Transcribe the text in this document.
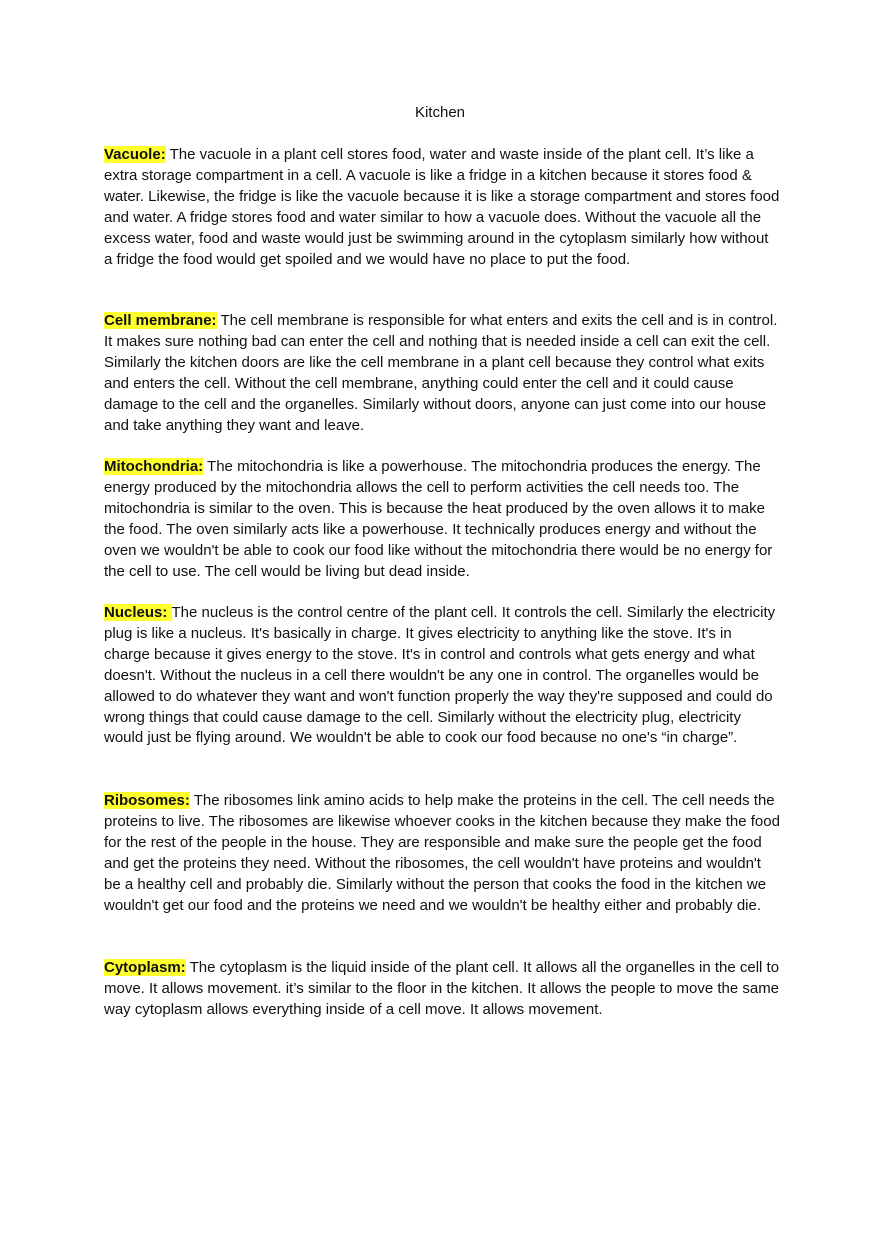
Kitchen

Vacuole: The vacuole in a plant cell stores food, water and waste inside of the plant cell. It’s like a extra storage compartment in a cell. A vacuole is like a fridge in a kitchen because it stores food & water. Likewise, the fridge is like the vacuole because it is like a storage compartment and stores food and water. A fridge stores food and water similar to how a vacuole does. Without the vacuole all the excess water, food and waste would just be swimming around in the cytoplasm similarly how without a fridge the food would get spoiled and we would have no place to put the food.

Cell membrane: The cell membrane is responsible for what enters and exits the cell and is in control. It makes sure nothing bad can enter the cell and nothing that is needed inside a cell can exit the cell. Similarly the kitchen doors are like the cell membrane in a plant cell because they control what exits and enters the cell. Without the cell membrane, anything could enter the cell and it could cause damage to the cell and the organelles. Similarly without doors, anyone can just come into our house and take anything they want and leave.

Mitochondria: The mitochondria is like a powerhouse. The mitochondria produces the energy. The energy produced by the mitochondria allows the cell to perform activities the cell needs too. The mitochondria is similar to the oven. This is because the heat produced by the oven allows it to make the food. The oven similarly acts like a powerhouse. It technically produces energy and without the oven we wouldn't be able to cook our food like without the mitochondria there would be no energy for the cell to use. The cell would be living but dead inside.

Nucleus: The nucleus is the control centre of the plant cell. It controls the cell. Similarly the electricity plug is like a nucleus. It's basically in charge. It gives electricity to anything like the stove. It's in charge because it gives energy to the stove. It's in control and controls what gets energy and what doesn't. Without the nucleus in a cell there wouldn't be any one in control. The organelles would be allowed to do whatever they want and won't function properly the way they're supposed and could do wrong things that could cause damage to the cell. Similarly without the electricity plug, electricity would just be flying around. We wouldn't be able to cook our food because no one's “in charge”.

Ribosomes: The ribosomes link amino acids to help make the proteins in the cell. The cell needs the proteins to live. The ribosomes are likewise whoever cooks in the kitchen because they make the food for the rest of the people in the house. They are responsible and make sure the people get the food and get the proteins they need. Without the ribosomes, the cell wouldn't have proteins and wouldn't be a healthy cell and probably die. Similarly without the person that cooks the food in the kitchen we wouldn't get our food and the proteins we need and we wouldn't be healthy either and probably die.

Cytoplasm: The cytoplasm is the liquid inside of the plant cell. It allows all the organelles in the cell to move. It allows movement. it’s similar to the floor in the kitchen. It allows the people to move the same way cytoplasm allows everything inside of a cell move. It allows movement.
